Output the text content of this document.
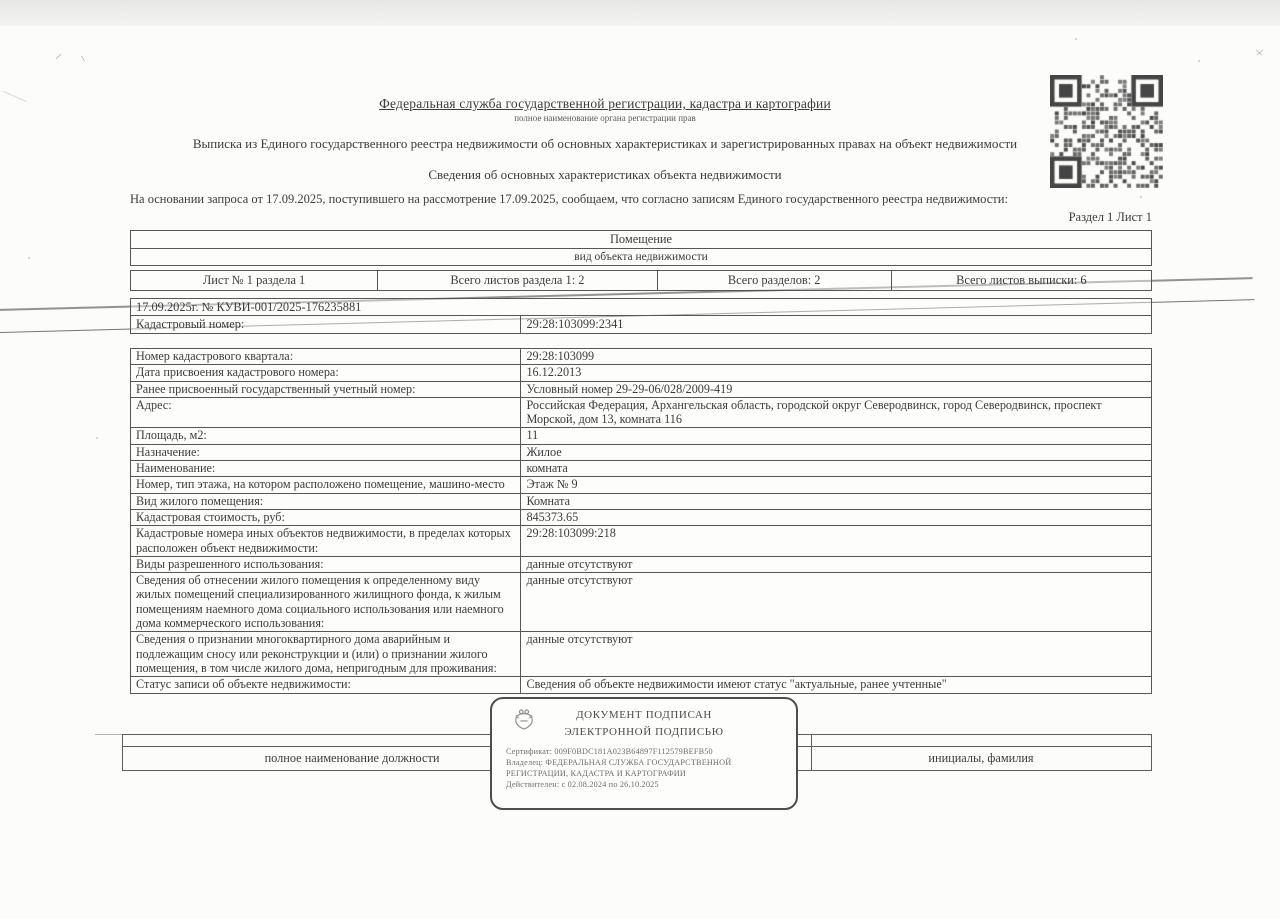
Федеральная служба государственной регистрации, кадастра и картографии
полное наименование органа регистрации прав
Выписка из Единого государственного реестра недвижимости об основных характеристиках и зарегистрированных правах на объект недвижимости
Сведения об основных характеристиках объекта недвижимости
На основании запроса от 17.09.2025, поступившего на рассмотрение 17.09.2025, сообщаем, что согласно записям Единого государственного реестра недвижимости:
Раздел 1 Лист 1
Помещение
вид объекта недвижимости
Лист № 1 раздела 1	Всего листов раздела 1: 2	Всего разделов: 2	Всего листов выписки: 6
17.09.2025г. № КУВИ-001/2025-176235881
Кадастровый номер:	29:28:103099:2341
Номер кадастрового квартала:	29:28:103099
Дата присвоения кадастрового номера:	16.12.2013
Ранее присвоенный государственный учетный номер:	Условный номер 29-29-06/028/2009-419
Адрес:	Российская Федерация, Архангельская область, городской округ Северодвинск, город Северодвинск, проспект Морской, дом 13, комната 116
Площадь, м2:	11
Назначение:	Жилое
Наименование:	комната
Номер, тип этажа, на котором расположено помещение, машино-место	Этаж № 9
Вид жилого помещения:	Комната
Кадастровая стоимость, руб:	845373.65
Кадастровые номера иных объектов недвижимости, в пределах которых расположен объект недвижимости:
29:28:103099:218
Виды разрешенного использования:	данные отсутствуют
Сведения об отнесении жилого помещения к определенному виду жилых помещений специализированного жилищного фонда, к жилым помещениям наемного дома социального использования или наемного дома коммерческого использования:
данные отсутствуют
Сведения о признании многоквартирного дома аварийным и подлежащим сносу или реконструкции и (или) о признании жилого помещения, в том числе жилого дома, непригодным для проживания:
данные отсутствуют
Статус записи об объекте недвижимости:	Сведения об объекте недвижимости имеют статус "актуальные, ранее учтенные"
полное наименование должности	инициалы, фамилия
ДОКУМЕНТ ПОДПИСАН
ЭЛЕКТРОННОЙ ПОДПИСЬЮ
Сертификат: 009F0BDC181A023B64897F112579BEFB50
Владелец: ФЕДЕРАЛЬНАЯ СЛУЖБА ГОСУДАРСТВЕННОЙ
РЕГИСТРАЦИИ, КАДАСТРА И КАРТОГРАФИИ
Действителен: с 02.08.2024 по 26.10.2025
